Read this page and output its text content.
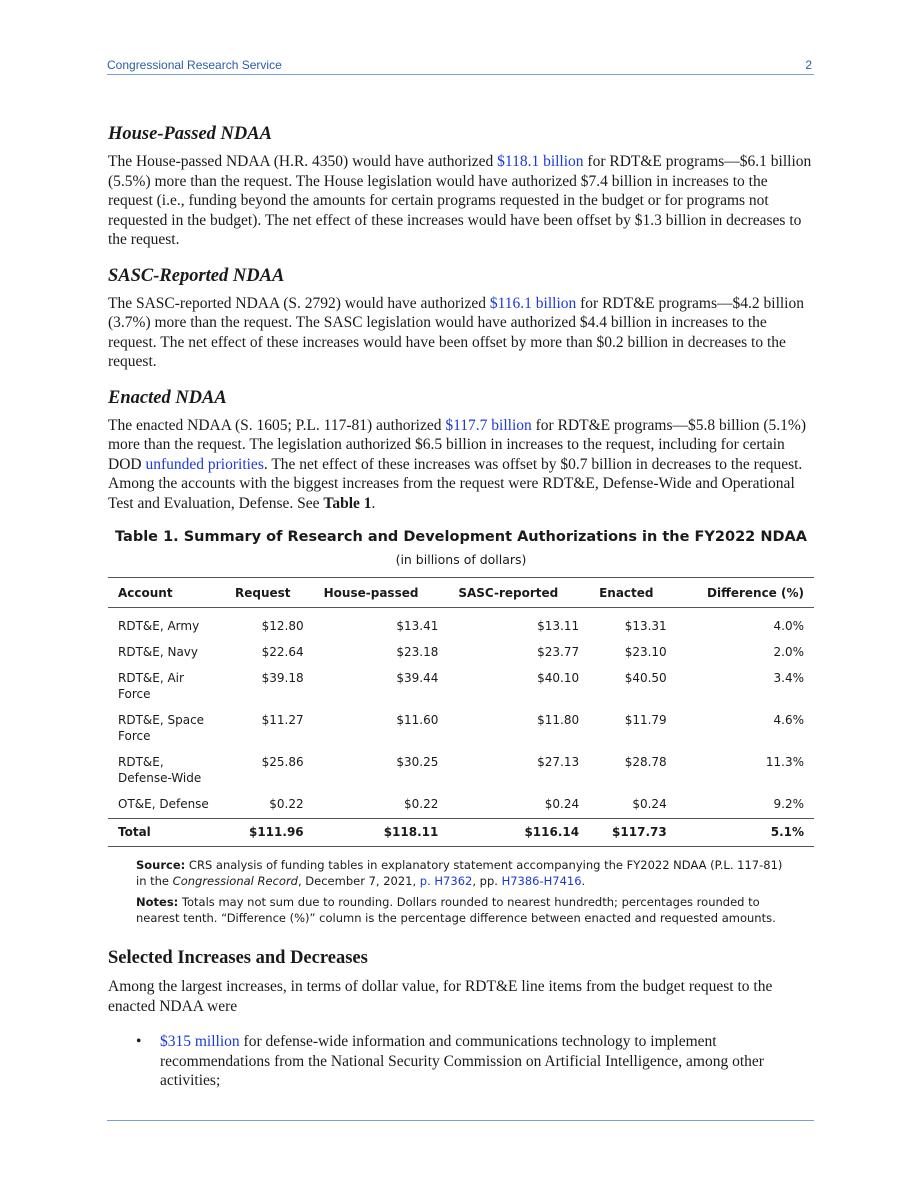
Congressional Research Service	2
House-Passed NDAA

The House-passed NDAA (H.R. 4350) would have authorized $118.1 billion for RDT&E programs—$6.1 billion (5.5%) more than the request. The House legislation would have authorized $7.4 billion in increases to the request (i.e., funding beyond the amounts for certain programs requested in the budget or for programs not requested in the budget). The net effect of these increases would have been offset by $1.3 billion in decreases to the request.

SASC-Reported NDAA

The SASC-reported NDAA (S. 2792) would have authorized $116.1 billion for RDT&E programs—$4.2 billion (3.7%) more than the request. The SASC legislation would have authorized $4.4 billion in increases to the request. The net effect of these increases would have been offset by more than $0.2 billion in decreases to the request.

Enacted NDAA

The enacted NDAA (S. 1605; P.L. 117-81) authorized $117.7 billion for RDT&E programs—$5.8 billion (5.1%) more than the request. The legislation authorized $6.5 billion in increases to the request, including for certain DOD unfunded priorities. The net effect of these increases was offset by $0.7 billion in decreases to the request. Among the accounts with the biggest increases from the request were RDT&E, Defense-Wide and Operational Test and Evaluation, Defense. See Table 1.

Table 1. Summary of Research and Development Authorizations in the FY2022 NDAA

(in billions of dollars)

Account	Request	House-passed	SASC-reported	Enacted	Difference (%)
RDT&E, Army	$12.80	$13.41	$13.11	$13.31	4.0%
RDT&E, Navy	$22.64	$23.18	$23.77	$23.10	2.0%
RDT&E, Air Force	$39.18	$39.44	$40.10	$40.50	3.4%
RDT&E, Space Force	$11.27	$11.60	$11.80	$11.79	4.6%
RDT&E, Defense-Wide	$25.86	$30.25	$27.13	$28.78	11.3%
OT&E, Defense	$0.22	$0.22	$0.24	$0.24	9.2%
Total	$111.96	$118.11	$116.14	$117.73	5.1%

Source: CRS analysis of funding tables in explanatory statement accompanying the FY2022 NDAA (P.L. 117-81) in the Congressional Record, December 7, 2021, p. H7362, pp. H7386-H7416.

Notes: Totals may not sum due to rounding. Dollars rounded to nearest hundredth; percentages rounded to nearest tenth. “Difference (%)” column is the percentage difference between enacted and requested amounts.

Selected Increases and Decreases

Among the largest increases, in terms of dollar value, for RDT&E line items from the budget request to the enacted NDAA were

• $315 million for defense-wide information and communications technology to implement recommendations from the National Security Commission on Artificial Intelligence, among other activities;
